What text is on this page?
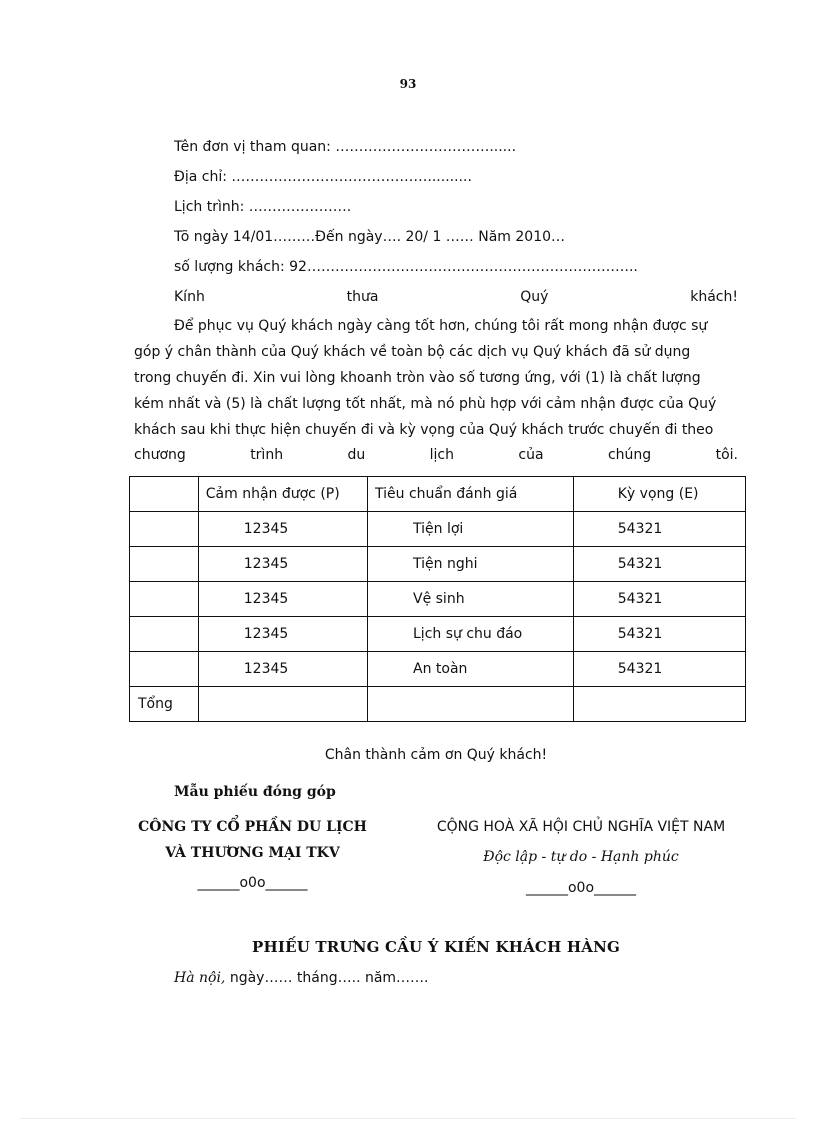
93
Tên đơn vị tham quan: ……………………………......
Địa chỉ: ……………………………………..........
Lịch trình: ………………….
Tõ ngày 14/01………Đến ngày…. 20/ 1 …… Năm 2010…
số lượng khách: 92……………………………………………………………..
Kính	thưa	Quý	khách!
Để phục vụ Quý khách ngày càng tốt hơn, chúng tôi rất mong nhận được sự
góp ý chân thành của Quý khách về toàn bộ các dịch vụ Quý khách đã sử dụng
trong chuyến đi. Xin vui lòng khoanh tròn vào số tương ứng, với (1) là chất lượng
kém nhất và (5) là chất lượng tốt nhất, mà nó phù hợp với cảm nhận được của Quý
khách sau khi thực hiện chuyến đi và kỳ vọng của Quý khách trước chuyến đi theo
chương	trình	du	lịch	của	chúng	tôi.
	Cảm nhận được (P)	Tiêu chuẩn đánh giá	Kỳ vọng (E)
	12345	Tiện lợi	54321
	12345	Tiện nghi	54321
	12345	Vệ sinh	54321
	12345	Lịch sự chu đáo	54321
	12345	An toàn	54321
Tổng			
Chân thành cảm ơn Quý khách!
Mẫu phiếu đóng góp
CÔNG TY CỔ PHẦN DU LỊCH
VÀ THƯƠNG MẠI TKV
______o0o______
CỘNG HOÀ XÃ HỘI CHỦ NGHĨA VIỆT NAM
Độc lập - tự do - Hạnh phúc
______o0o______
PHIẾU TRƯNG CẦU Ý KIẾN KHÁCH HÀNG
Hà nội, ngày…… tháng….. năm…….
